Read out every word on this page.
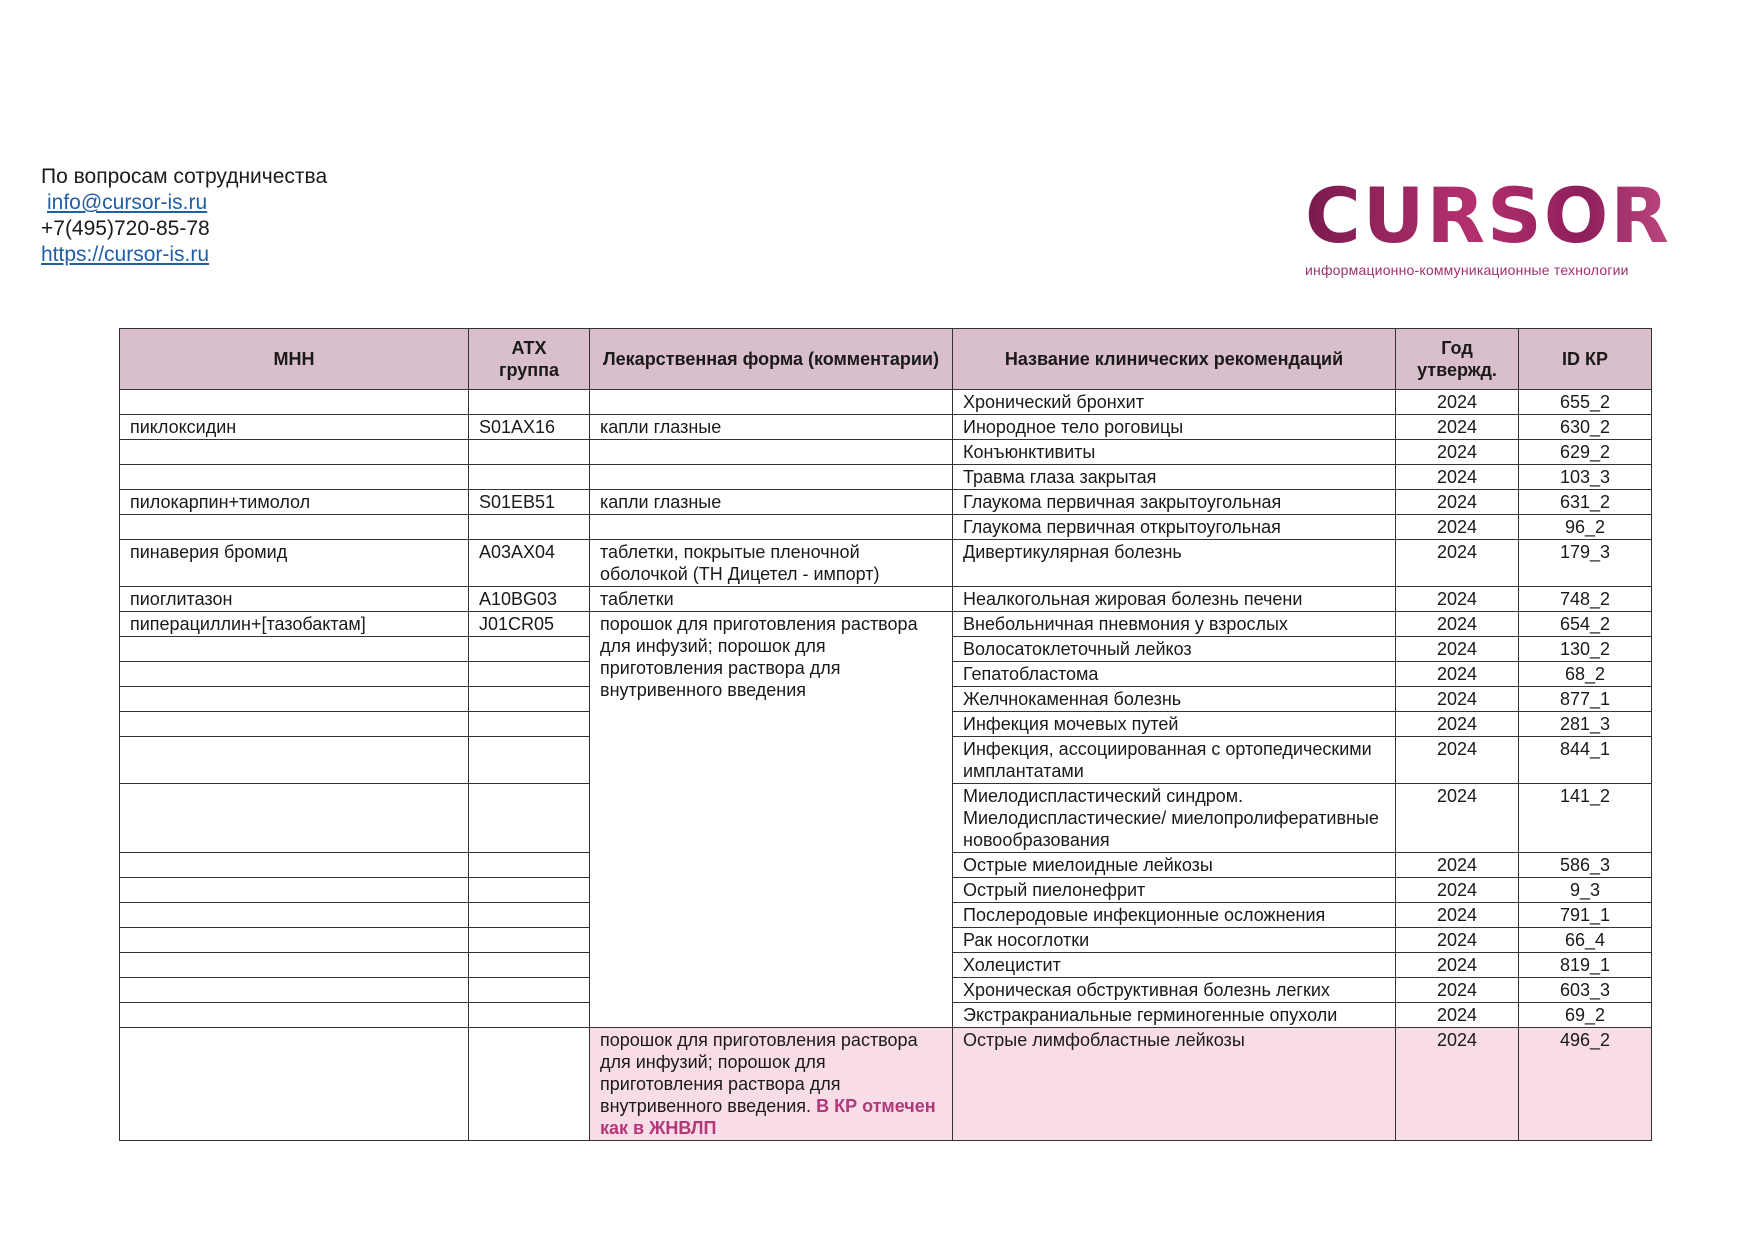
По вопросам сотрудничества
info@cursor-is.ru
+7(495)720-85-78
https://cursor-is.ru	CURSOR
информационно-коммуникационные технологии
МНН	АТХ группа	Лекарственная форма (комментарии)	Название клинических рекомендаций	Год утвержд.	ID КР
			Хронический бронхит	2024	655_2
пиклоксидин	S01AX16	капли глазные	Инородное тело роговицы	2024	630_2
			Конъюнктивиты	2024	629_2
			Травма глаза закрытая	2024	103_3
пилокарпин+тимолол	S01EB51	капли глазные	Глаукома первичная закрытоугольная	2024	631_2
			Глаукома первичная открытоугольная	2024	96_2
пинаверия бромид	A03AX04	таблетки, покрытые пленочной оболочкой (ТН Дицетел - импорт)	Дивертикулярная болезнь	2024	179_3
пиоглитазон	A10BG03	таблетки	Неалкогольная жировая болезнь печени	2024	748_2
пиперациллин+[тазобактам]	J01CR05	порошок для приготовления раствора для инфузий; порошок для приготовления раствора для внутривенного введения	Внебольничная пневмония у взрослых	2024	654_2
			Волосатоклеточный лейкоз	2024	130_2
			Гепатобластома	2024	68_2
			Желчнокаменная болезнь	2024	877_1
			Инфекция мочевых путей	2024	281_3
			Инфекция, ассоциированная с ортопедическими имплантатами	2024	844_1
			Миелодиспластический синдром. Миелодиспластические/ миелопролиферативные новообразования	2024	141_2
			Острые миелоидные лейкозы	2024	586_3
			Острый пиелонефрит	2024	9_3
			Послеродовые инфекционные осложнения	2024	791_1
			Рак носоглотки	2024	66_4
			Холецистит	2024	819_1
			Хроническая обструктивная болезнь легких	2024	603_3
			Экстракраниальные герминогенные опухоли	2024	69_2
		порошок для приготовления раствора для инфузий; порошок для приготовления раствора для внутривенного введения. В КР отмечен как в ЖНВЛП	Острые лимфобластные лейкозы	2024	496_2
